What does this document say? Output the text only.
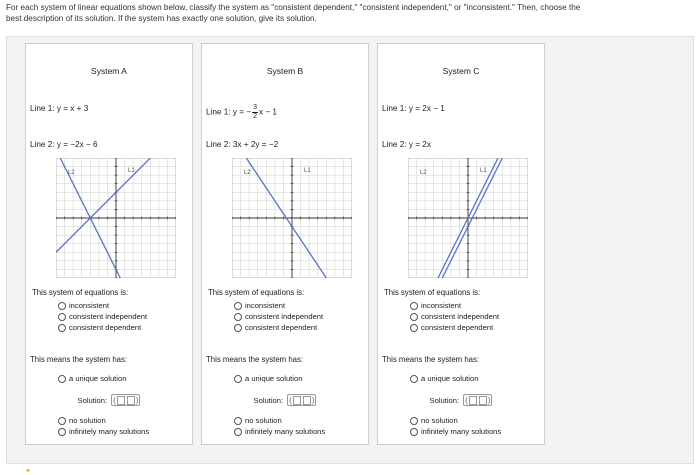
For each system of linear equations shown below, classify the system as "consistent dependent," "consistent independent," or "inconsistent." Then, choose the
best description of its solution. If the system has exactly one solution, give its solution.
System A
Line 1: y = x + 3
Line 2: y = −2x − 6
L1
L2
This system of equations is:
inconsistent
consistent independent
consistent dependent
This means the system has:
a unique solution
Solution: (	)
no solution
infinitely many solutions
System B
Line 1: y = − $\frac{3}{2}$ x − 1
Line 2: 3x + 2y = −2
L1
L2
This system of equations is:
inconsistent
consistent independent
consistent dependent
This means the system has:
a unique solution
Solution: (	)
no solution
infinitely many solutions
System C
Line 1: y = 2x − 1
Line 2: y = 2x
L1
L2
This system of equations is:
inconsistent
consistent independent
consistent dependent
This means the system has:
a unique solution
Solution: (	)
no solution
infinitely many solutions
✦
